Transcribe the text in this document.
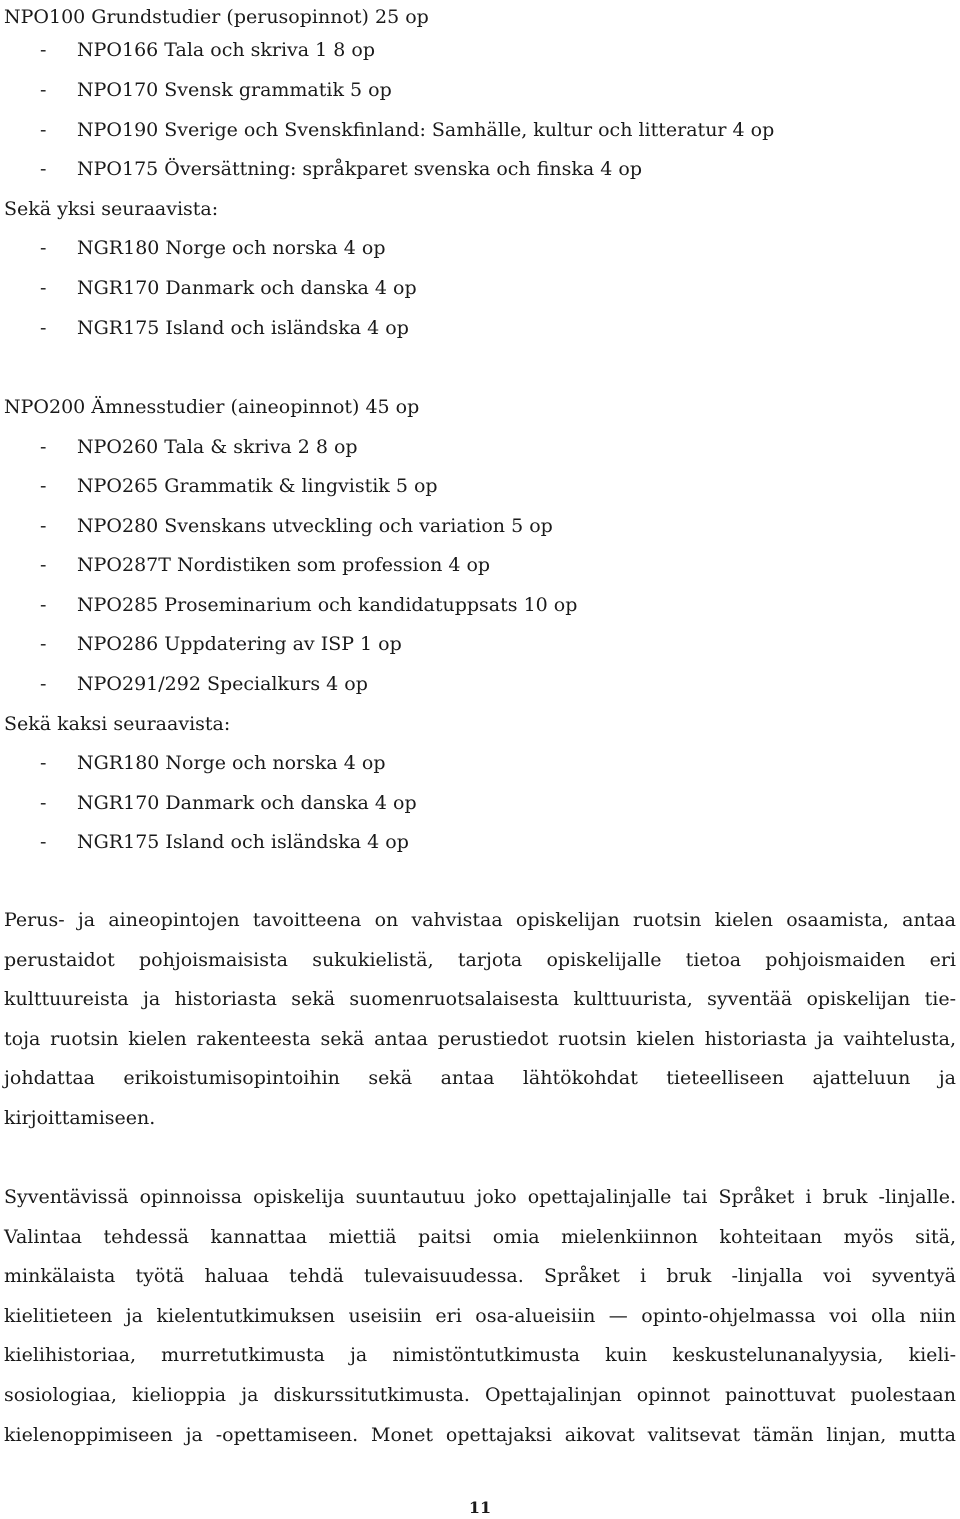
NPO100 Grundstudier (perusopinnot) 25 op
-	NPO166 Tala och skriva 1 8 op
-	NPO170 Svensk grammatik 5 op
-	NPO190 Sverige och Svenskfinland: Samhälle, kultur och litteratur 4 op
-	NPO175 Översättning: språkparet svenska och finska 4 op
Sekä yksi seuraavista:
-	NGR180 Norge och norska 4 op
-	NGR170 Danmark och danska 4 op
-	NGR175 Island och isländska 4 op
NPO200 Ämnesstudier (aineopinnot) 45 op
-	NPO260 Tala & skriva 2 8 op
-	NPO265 Grammatik & lingvistik 5 op
-	NPO280 Svenskans utveckling och variation 5 op
-	NPO287T Nordistiken som profession 4 op
-	NPO285 Proseminarium och kandidatuppsats 10 op
-	NPO286 Uppdatering av ISP 1 op
-	NPO291/292 Specialkurs 4 op
Sekä kaksi seuraavista:
-	NGR180 Norge och norska 4 op
-	NGR170 Danmark och danska 4 op
-	NGR175 Island och isländska 4 op
Perus- ja aineopintojen tavoitteena on vahvistaa opiskelijan ruotsin kielen osaamista, antaa
perustaidot pohjoismaisista sukukielistä, tarjota opiskelijalle tietoa pohjoismaiden eri
kulttuureista ja historiasta sekä suomenruotsalaisesta kulttuurista, syventää opiskelijan tie-
toja ruotsin kielen rakenteesta sekä antaa perustiedot ruotsin kielen historiasta ja vaihtelusta,
johdattaa erikoistumisopintoihin sekä antaa lähtökohdat tieteelliseen ajatteluun ja
kirjoittamiseen.
Syventävissä opinnoissa opiskelija suuntautuu joko opettajalinjalle tai Språket i bruk -linjalle.
Valintaa tehdessä kannattaa miettiä paitsi omia mielenkiinnon kohteitaan myös sitä,
minkälaista työtä haluaa tehdä tulevaisuudessa. Språket i bruk -linjalla voi syventyä
kielitieteen ja kielentutkimuksen useisiin eri osa-alueisiin — opinto-ohjelmassa voi olla niin
kielihistoriaa, murretutkimusta ja nimistöntutkimusta kuin keskustelunanalyysia, kieli-
sosiologiaa, kielioppia ja diskurssitutkimusta. Opettajalinjan opinnot painottuvat puolestaan
kielenoppimiseen ja -opettamiseen. Monet opettajaksi aikovat valitsevat tämän linjan, mutta
11
